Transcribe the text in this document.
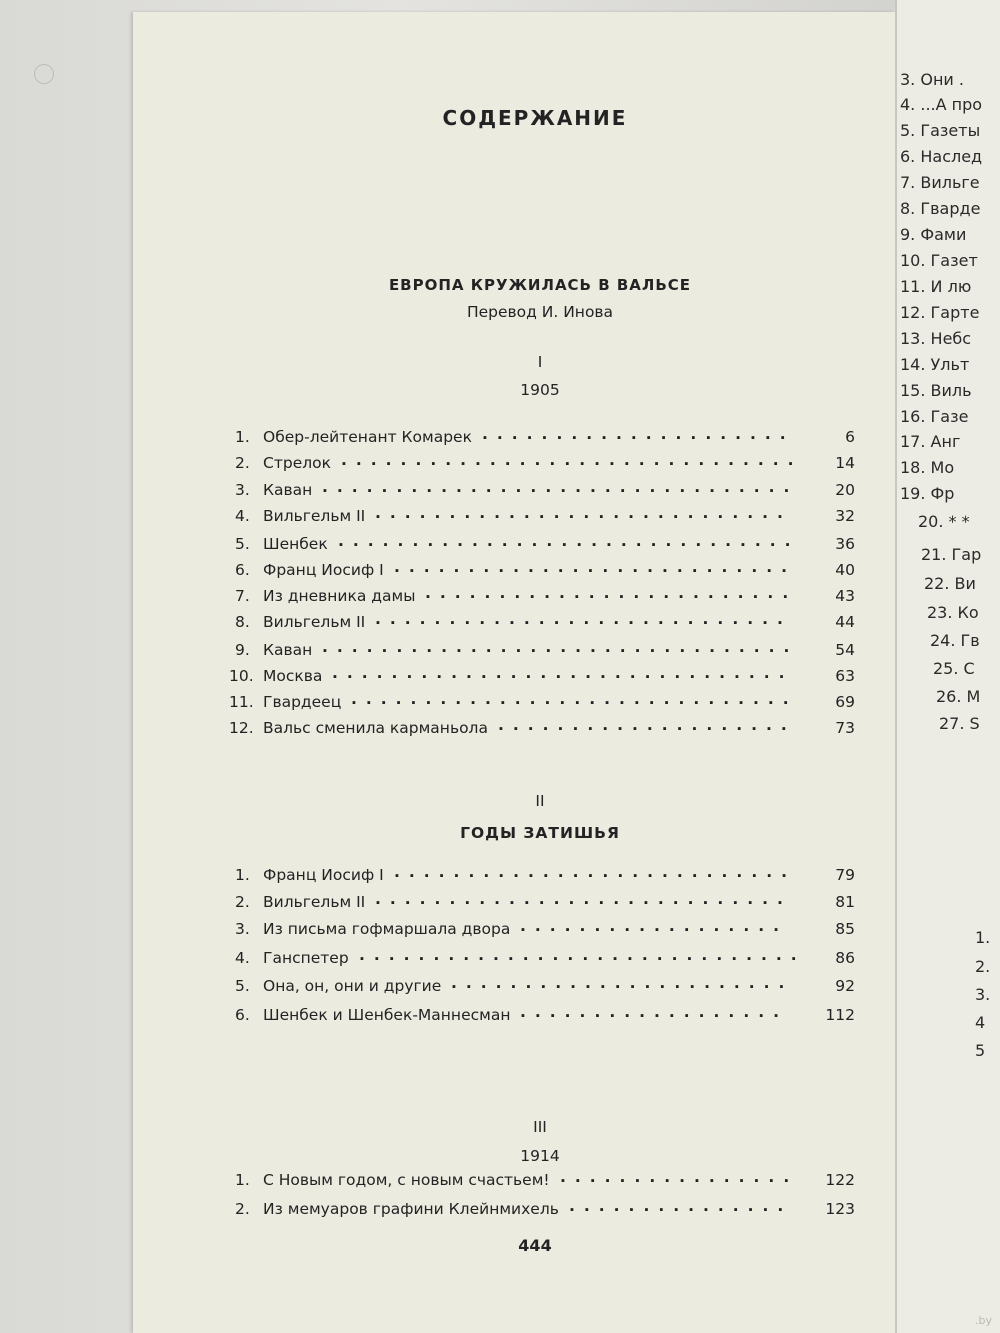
СОДЕРЖАНИЕ
ЕВРОПА КРУЖИЛАСЬ В ВАЛЬСЕ
Перевод И. Инова
I
1905
1. Обер-лейтенант Комарек	6
.....................
2. Стрелок	14
...............................
3. Каван	20
................................
4. Вильгельм II	32
............................
5. Шенбек	36
...............................
6. Франц Иосиф I	40
...........................
7. Из дневника дамы	43
.........................
8. Вильгельм II	44
............................
9. Каван	54
................................
10. Москва	63
...............................
11. Гвардеец	69
..............................
12. Вальс сменила карманьола	73
....................
II
ГОДЫ ЗАТИШЬЯ
1. Франц Иосиф I	79
...........................
2. Вильгельм II	81
............................
3. Из письма гофмаршала двора	85
..................
4. Ганспетер	86
..............................
5. Она, он, они и другие	92
.......................
6. Шенбек и Шенбек-Маннесман	112
..................
III
1914
1. С Новым годом, с новым счастьем!	122
................
2. Из мемуаров графини Клейнмихель	123
...............
444
3. Они .
4. ...А про
5. Газеты
6. Наслед
7. Вильге
8. Гварде
9. Фами
10. Газет
11. И лю
12. Гарте
13. Небс
14. Ульт
15. Виль
16. Газе
17. Анг
18. Мо
19. Фр
20. * *
21. Гар
22. Ви
23. Ко
24. Гв
25. С
26. М
27. S
1.
2.
3.
4
5
.by
